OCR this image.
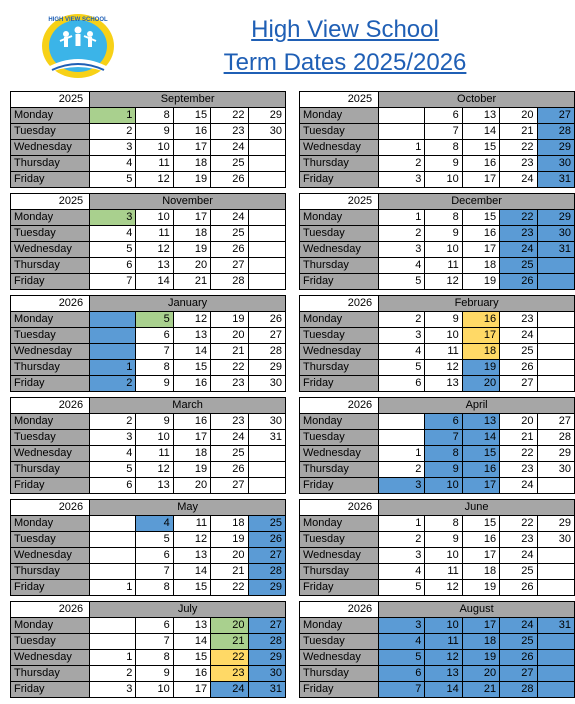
HIGH VIEW SCHOOL	High View School
Term Dates 2025/2026
2025	September				
Monday	1	8	15	22	29
Tuesday	2	9	16	23	30
Wednesday	3	10	17	24	
Thursday	4	11	18	25	
Friday	5	12	19	26	
2025	October				
Monday		6	13	20	27
Tuesday		7	14	21	28
Wednesday	1	8	15	22	29
Thursday	2	9	16	23	30
Friday	3	10	17	24	31
2025	November				
Monday	3	10	17	24	
Tuesday	4	11	18	25	
Wednesday	5	12	19	26	
Thursday	6	13	20	27	
Friday	7	14	21	28	
2025	December				
Monday	1	8	15	22	29
Tuesday	2	9	16	23	30
Wednesday	3	10	17	24	31
Thursday	4	11	18	25	
Friday	5	12	19	26	
2026	January				
Monday		5	12	19	26
Tuesday		6	13	20	27
Wednesday		7	14	21	28
Thursday	1	8	15	22	29
Friday	2	9	16	23	30
2026	February				
Monday	2	9	16	23	
Tuesday	3	10	17	24	
Wednesday	4	11	18	25	
Thursday	5	12	19	26	
Friday	6	13	20	27	
2026	March				
Monday	2	9	16	23	30
Tuesday	3	10	17	24	31
Wednesday	4	11	18	25	
Thursday	5	12	19	26	
Friday	6	13	20	27	
2026	April				
Monday		6	13	20	27
Tuesday		7	14	21	28
Wednesday	1	8	15	22	29
Thursday	2	9	16	23	30
Friday	3	10	17	24	
2026	May				
Monday		4	11	18	25
Tuesday		5	12	19	26
Wednesday		6	13	20	27
Thursday		7	14	21	28
Friday	1	8	15	22	29
2026	June				
Monday	1	8	15	22	29
Tuesday	2	9	16	23	30
Wednesday	3	10	17	24	
Thursday	4	11	18	25	
Friday	5	12	19	26	
2026	July				
Monday		6	13	20	27
Tuesday		7	14	21	28
Wednesday	1	8	15	22	29
Thursday	2	9	16	23	30
Friday	3	10	17	24	31
2026	August				
Monday	3	10	17	24	31
Tuesday	4	11	18	25	
Wednesday	5	12	19	26	
Thursday	6	13	20	27	
Friday	7	14	21	28	
